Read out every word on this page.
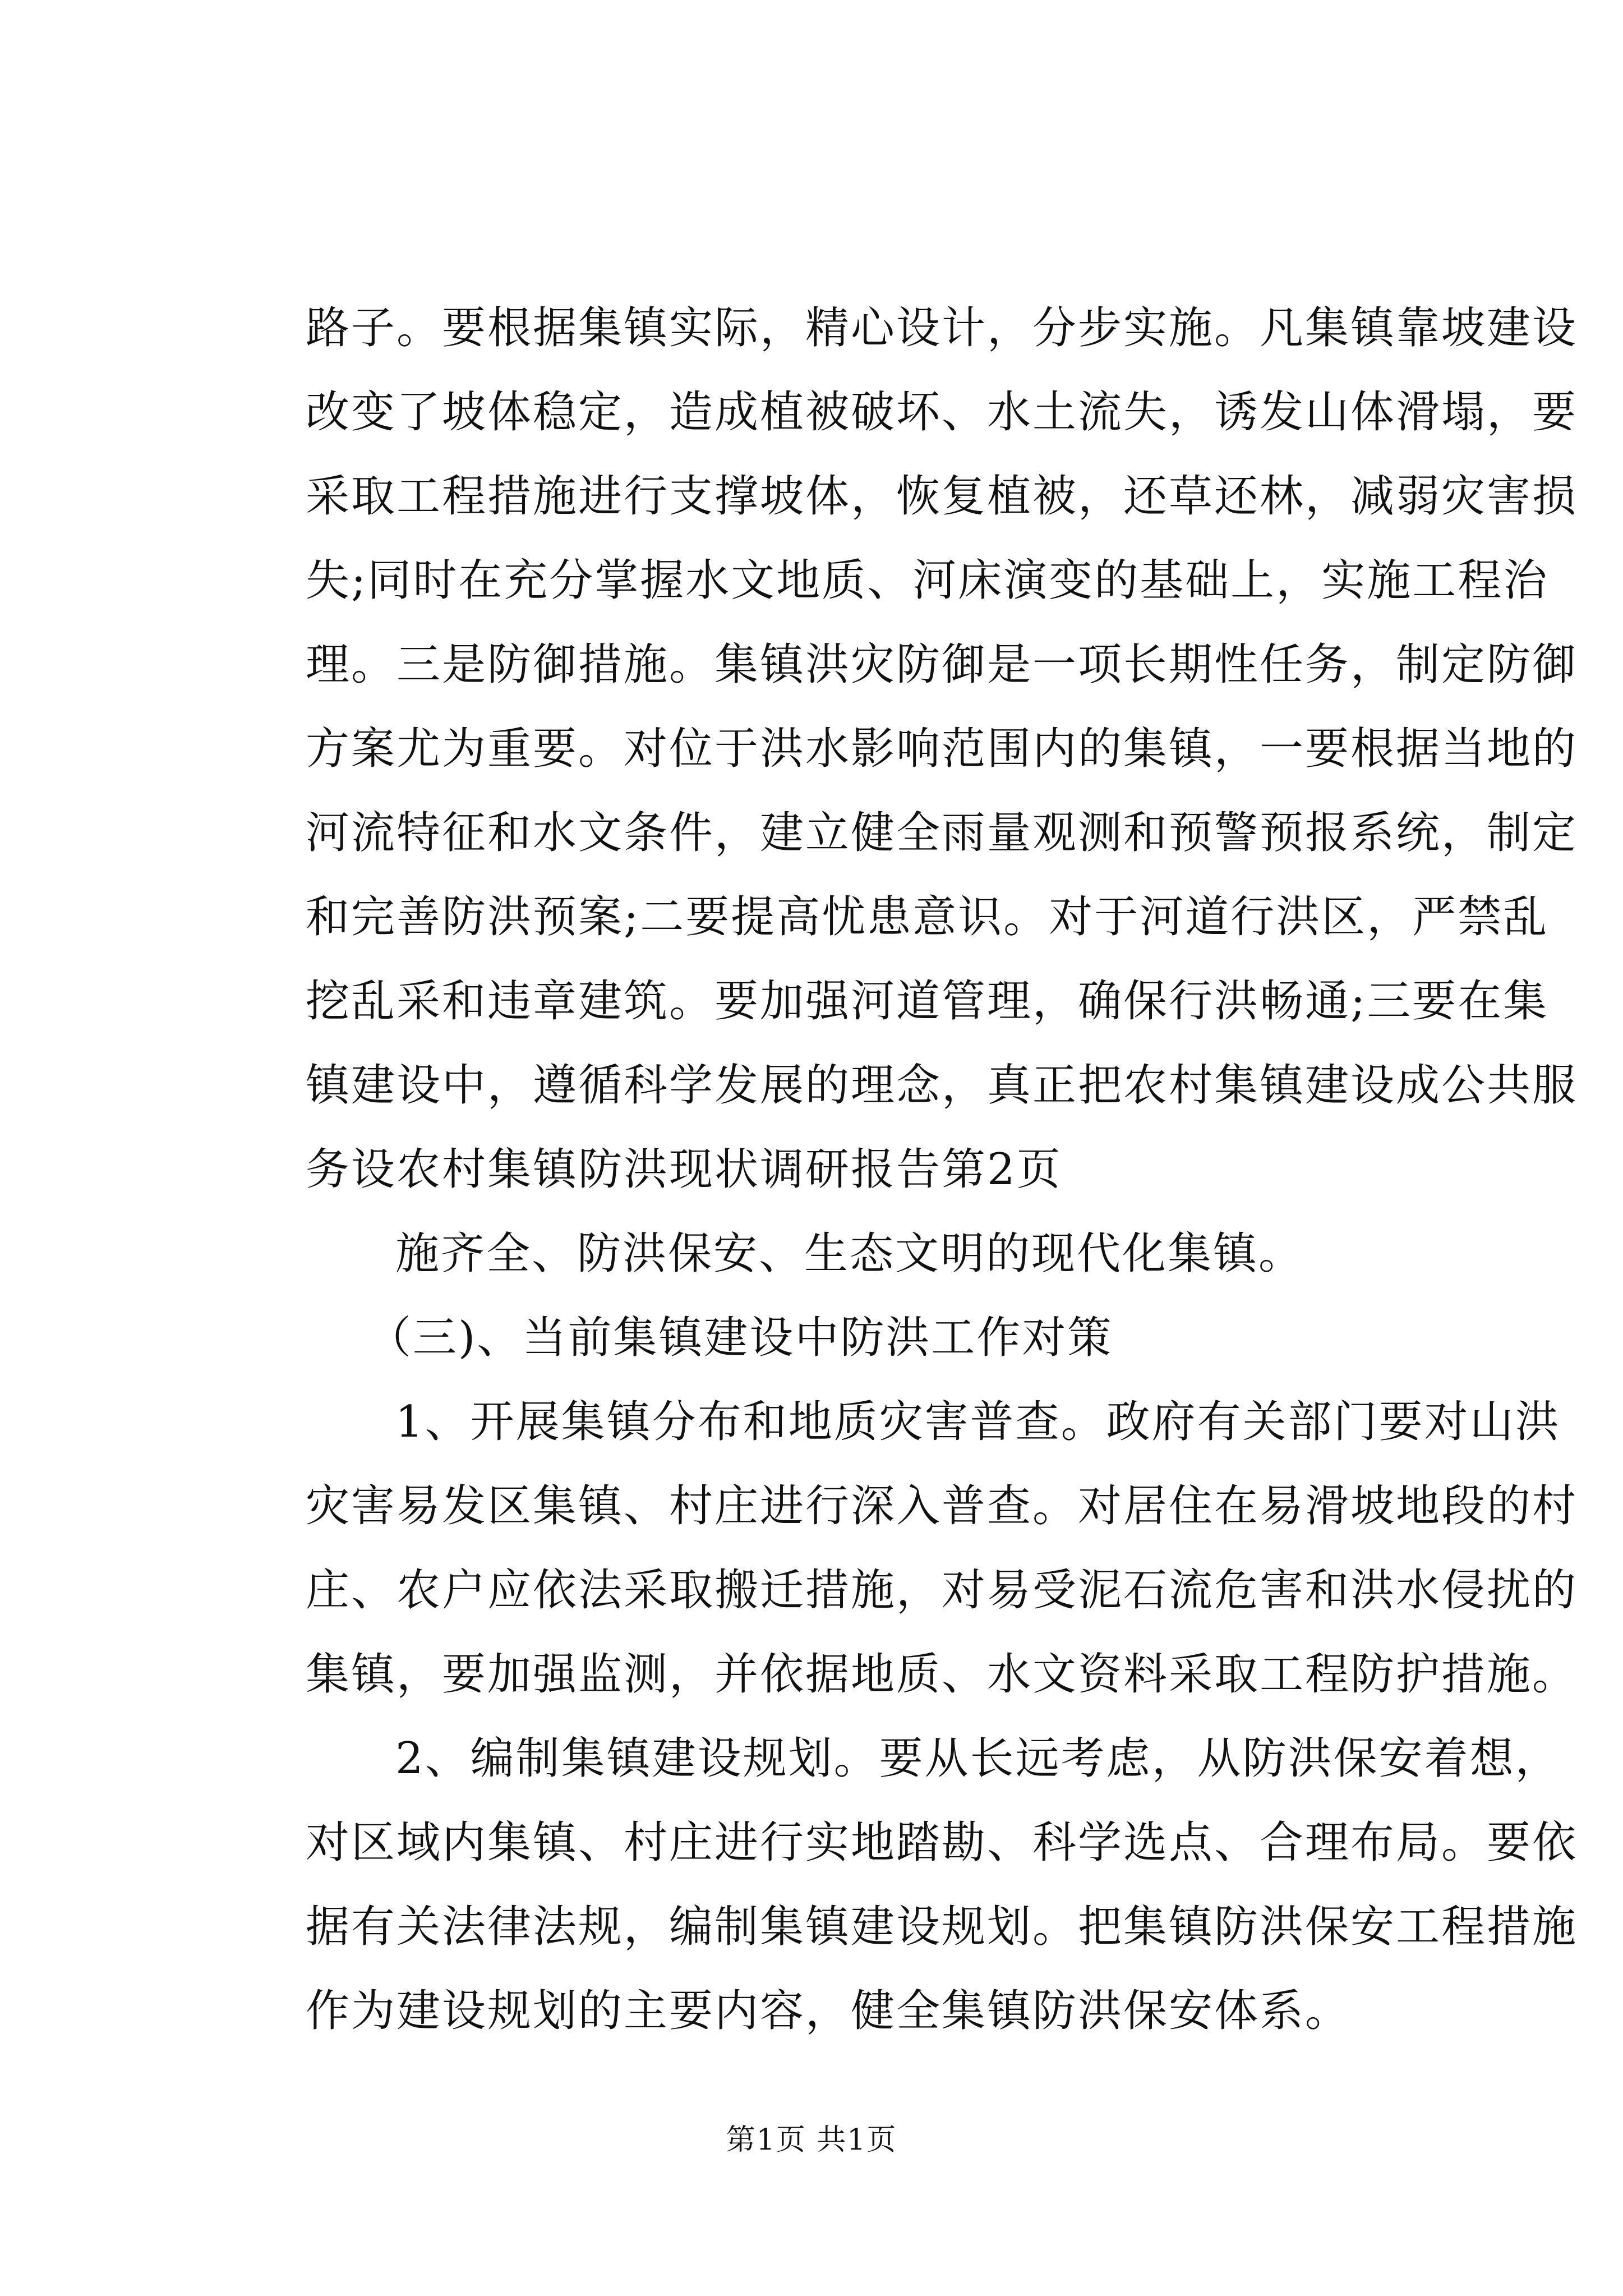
路子。要根据集镇实际，精心设计，分步实施。凡集镇靠坡建设
改变了坡体稳定，造成植被破坏、水土流失，诱发山体滑塌，要
采取工程措施进行支撑坡体，恢复植被，还草还林，减弱灾害损
失;同时在充分掌握水文地质、河床演变的基础上，实施工程治
理。三是防御措施。集镇洪灾防御是一项长期性任务，制定防御
方案尤为重要。对位于洪水影响范围内的集镇，一要根据当地的
河流特征和水文条件，建立健全雨量观测和预警预报系统，制定
和完善防洪预案;二要提高忧患意识。对于河道行洪区，严禁乱
挖乱采和违章建筑。要加强河道管理，确保行洪畅通;三要在集
镇建设中，遵循科学发展的理念，真正把农村集镇建设成公共服
务设农村集镇防洪现状调研报告第2页
施齐全、防洪保安、生态文明的现代化集镇。
（三)、当前集镇建设中防洪工作对策
1、开展集镇分布和地质灾害普查。政府有关部门要对山洪
灾害易发区集镇、村庄进行深入普查。对居住在易滑坡地段的村
庄、农户应依法采取搬迁措施，对易受泥石流危害和洪水侵扰的
集镇，要加强监测，并依据地质、水文资料采取工程防护措施。
2、编制集镇建设规划。要从长远考虑，从防洪保安着想，
对区域内集镇、村庄进行实地踏勘、科学选点、合理布局。要依
据有关法律法规，编制集镇建设规划。把集镇防洪保安工程措施
作为建设规划的主要内容，健全集镇防洪保安体系。
第1页 共1页
